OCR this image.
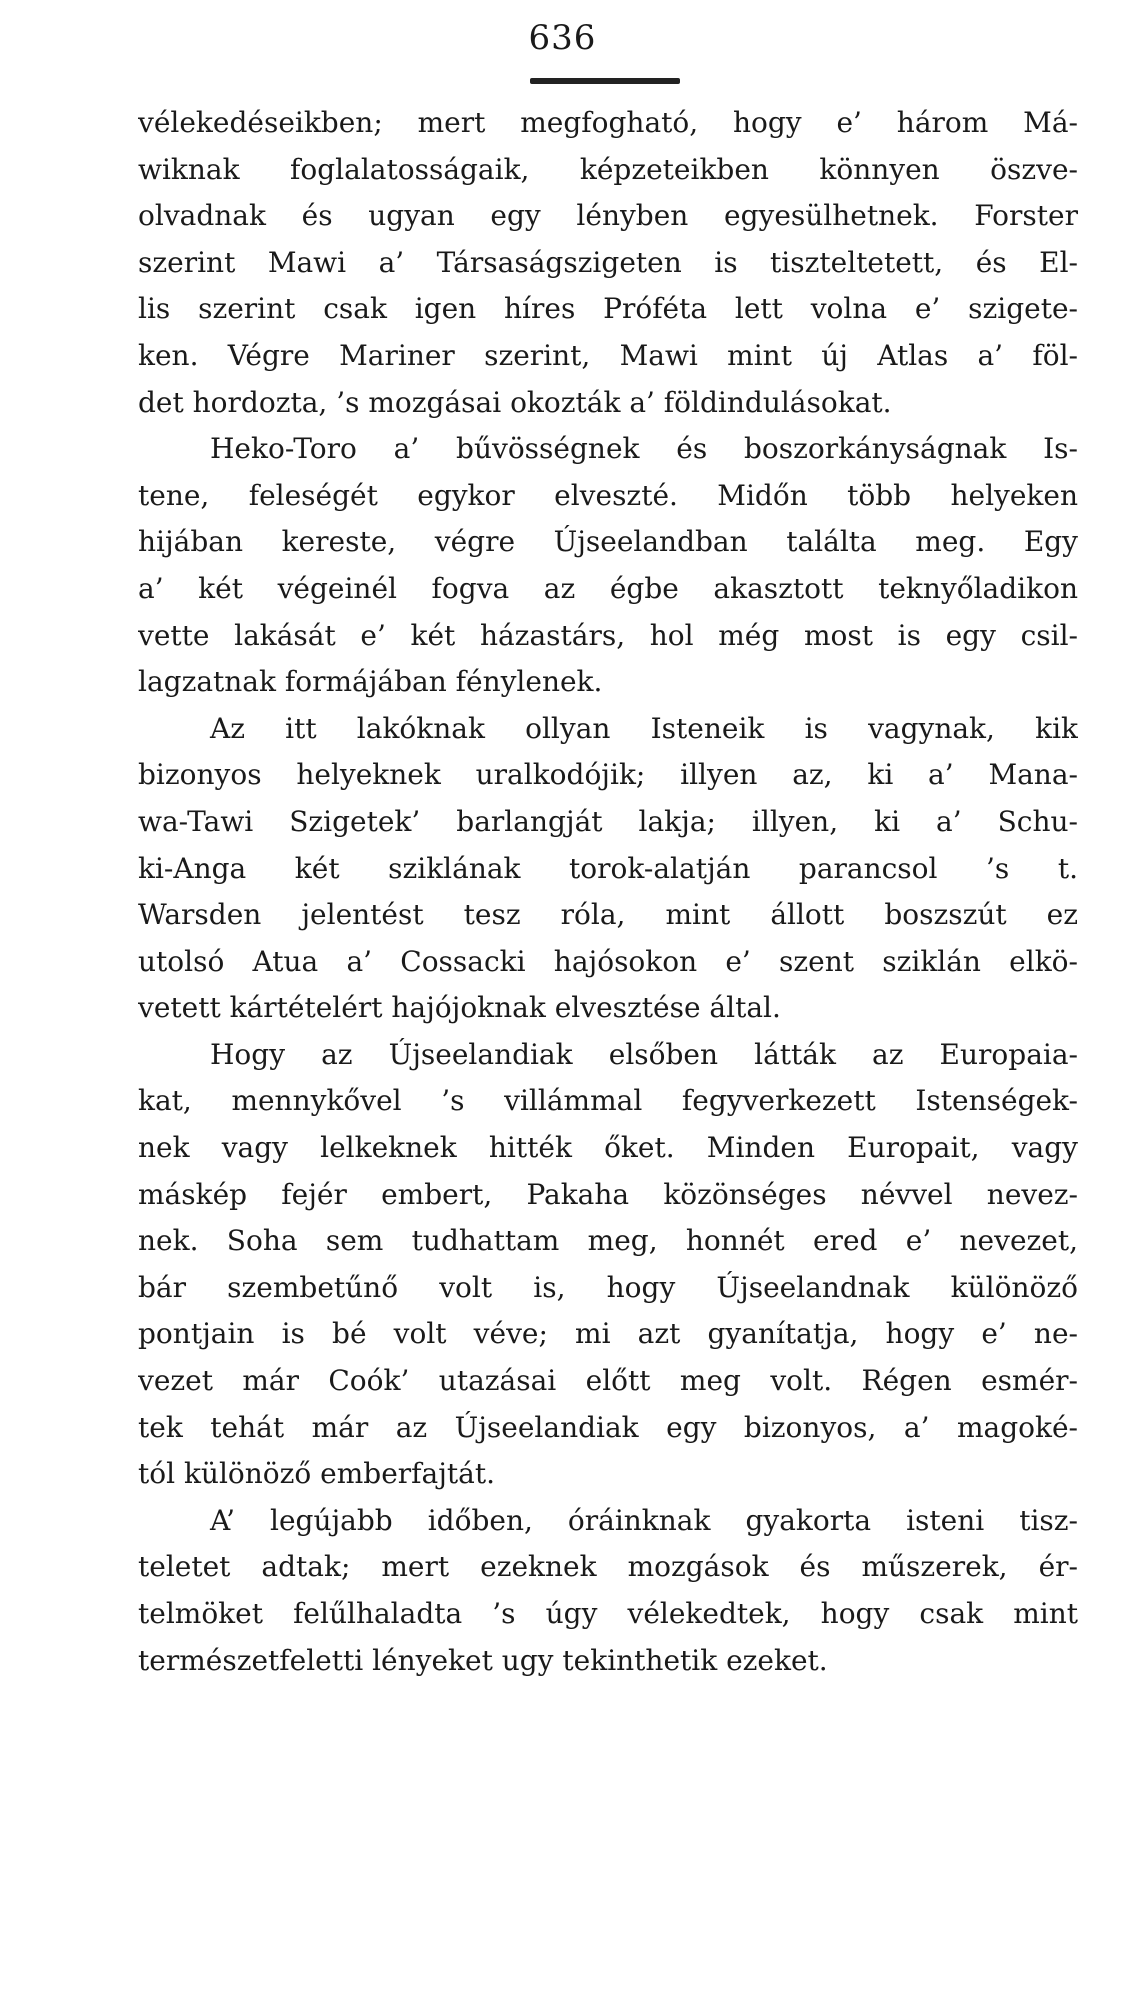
636
vélekedéseikben; mert megfogható, hogy e’ három Má-
wiknak foglalatosságaik, képzeteikben könnyen öszve-
olvadnak és ugyan egy lényben egyesülhetnek. Forster
szerint Mawi a’ Társaságszigeten is tiszteltetett, és El-
lis szerint csak igen híres Próféta lett volna e’ szigete-
ken. Végre Mariner szerint, Mawi mint új Atlas a’ föl-
det hordozta, ’s mozgásai okozták a’ földindulásokat.
Heko-Toro a’ bűvösségnek és boszorkányságnak Is-
tene, feleségét egykor elveszté. Midőn több helyeken
hijában kereste, végre Újseelandban találta meg. Egy
a’ két végeinél fogva az égbe akasztott teknyőladikon
vette lakását e’ két házastárs, hol még most is egy csil-
lagzatnak formájában fénylenek.
Az itt lakóknak ollyan Isteneik is vagynak, kik
bizonyos helyeknek uralkodójik; illyen az, ki a’ Mana-
wa-Tawi Szigetek’ barlangját lakja; illyen, ki a’ Schu-
ki-Anga két sziklának torok-alatján parancsol ’s t.
Warsden jelentést tesz róla, mint állott boszszút ez
utolsó Atua a’ Cossacki hajósokon e’ szent sziklán elkö-
vetett kártételért hajójoknak elvesztése által.
Hogy az Újseelandiak elsőben látták az Europaia-
kat, mennykővel ’s villámmal fegyverkezett Istenségek-
nek vagy lelkeknek hitték őket. Minden Europait, vagy
máskép fejér embert, Pakaha közönséges névvel nevez-
nek. Soha sem tudhattam meg, honnét ered e’ nevezet,
bár szembetűnő volt is, hogy Újseelandnak különöző
pontjain is bé volt véve; mi azt gyanítatja, hogy e’ ne-
vezet már Coók’ utazásai előtt meg volt. Régen esmér-
tek tehát már az Újseelandiak egy bizonyos, a’ magoké-
tól különöző emberfajtát.
A’ legújabb időben, óráinknak gyakorta isteni tisz-
teletet adtak; mert ezeknek mozgások és műszerek, ér-
telmöket felűlhaladta ’s úgy vélekedtek, hogy csak mint
természetfeletti lényeket ugy tekinthetik ezeket.
